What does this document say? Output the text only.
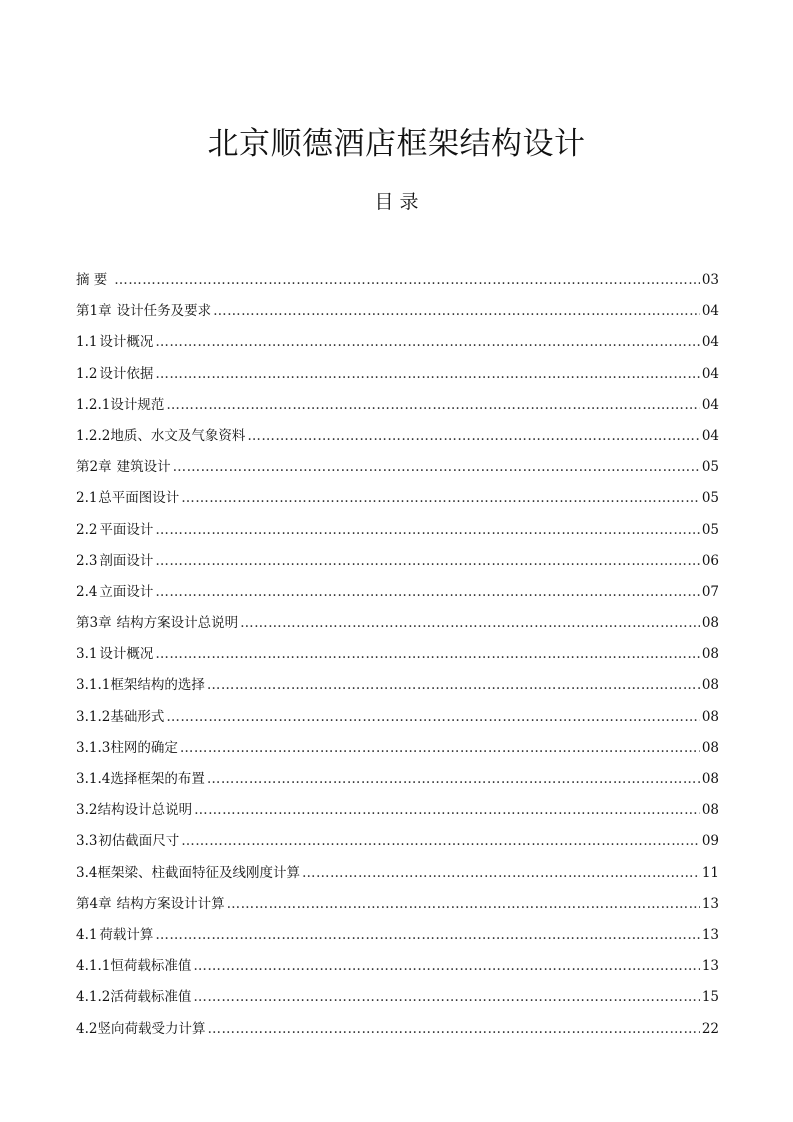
北京顺德酒店框架结构设计
目 录
摘 要 …………………………………………………………………………………………………………………………………………………………………………………………	03
第1章 设计任务及要求 …………………………………………………………………………………………………………………………………………………………………………………………	04
1.1 设计概况 …………………………………………………………………………………………………………………………………………………………………………………………	04
1.2 设计依据 …………………………………………………………………………………………………………………………………………………………………………………………	04
1.2.1 设计规范 …………………………………………………………………………………………………………………………………………………………………………………………	04
1.2.2 地质、水文及气象资料 …………………………………………………………………………………………………………………………………………………………………………………………	04
第2章 建筑设计 …………………………………………………………………………………………………………………………………………………………………………………………	05
2.1 总平面图设计 …………………………………………………………………………………………………………………………………………………………………………………………	05
2.2 平面设计 …………………………………………………………………………………………………………………………………………………………………………………………	05
2.3 剖面设计 …………………………………………………………………………………………………………………………………………………………………………………………	06
2.4 立面设计 …………………………………………………………………………………………………………………………………………………………………………………………	07
第3章 结构方案设计总说明 …………………………………………………………………………………………………………………………………………………………………………………………	08
3.1 设计概况 …………………………………………………………………………………………………………………………………………………………………………………………	08
3.1.1 框架结构的选择 …………………………………………………………………………………………………………………………………………………………………………………………	08
3.1.2 基础形式 …………………………………………………………………………………………………………………………………………………………………………………………	08
3.1.3 柱网的确定 …………………………………………………………………………………………………………………………………………………………………………………………	08
3.1.4 选择框架的布置 …………………………………………………………………………………………………………………………………………………………………………………………	08
3.2 结构设计总说明 …………………………………………………………………………………………………………………………………………………………………………………………	08
3.3 初估截面尺寸 …………………………………………………………………………………………………………………………………………………………………………………………	09
3.4 框架梁、柱截面特征及线刚度计算 …………………………………………………………………………………………………………………………………………………………………………………………	11
第4章 结构方案设计计算 …………………………………………………………………………………………………………………………………………………………………………………………	13
4.1 荷载计算 …………………………………………………………………………………………………………………………………………………………………………………………	13
4.1.1 恒荷载标准值 …………………………………………………………………………………………………………………………………………………………………………………………	13
4.1.2 活荷载标准值 …………………………………………………………………………………………………………………………………………………………………………………………	15
4.2 竖向荷载受力计算 …………………………………………………………………………………………………………………………………………………………………………………………	22
